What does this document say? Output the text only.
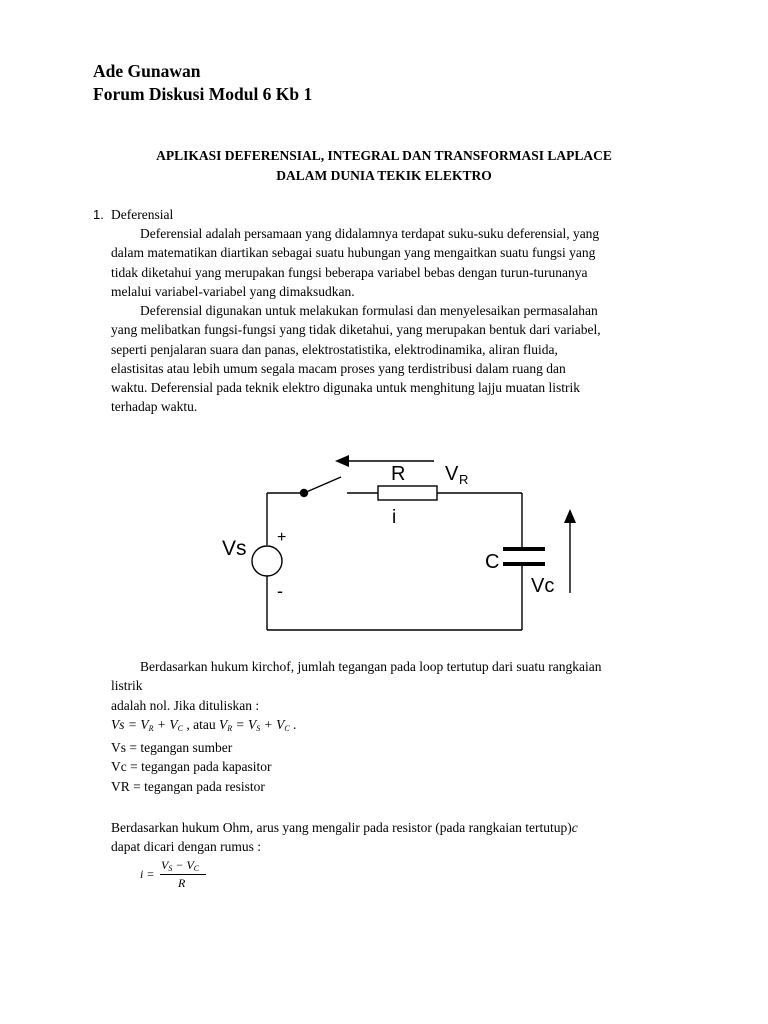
Ade Gunawan
Forum Diskusi Modul 6 Kb 1
APLIKASI DEFERENSIAL, INTEGRAL DAN TRANSFORMASI LAPLACE
DALAM DUNIA TEKIK ELEKTRO
1. Deferensial

Deferensial adalah persamaan yang didalamnya terdapat suku-suku deferensial, yang

dalam matematikan diartikan sebagai suatu hubungan yang mengaitkan suatu fungsi yang

tidak diketahui yang merupakan fungsi beberapa variabel bebas dengan turun-turunanya

melalui variabel-variabel yang dimaksudkan.

Deferensial digunakan untuk melakukan formulasi dan menyelesaikan permasalahan

yang melibatkan fungsi-fungsi yang tidak diketahui, yang merupakan bentuk dari variabel,

seperti penjalaran suara dan panas, elektrostatistika, elektrodinamika, aliran fluida,

elastisitas atau lebih umum segala macam proses yang terdistribusi dalam ruang dan

waktu. Deferensial pada teknik elektro digunaka untuk menghitung lajju muatan listrik

terhadap waktu.

R V R
i
Vs +
-
C
Vc

Berdasarkan hukum kirchof, jumlah tegangan pada loop tertutup dari suatu rangkaian

listrik

adalah nol. Jika dituliskan :

$Vs = V_R + V_C$ , atau $V_R = V_S + V_C$ .

Vs = tegangan sumber

Vc = tegangan pada kapasitor

VR = tegangan pada resistor

Berdasarkan hukum Ohm, arus yang mengalir pada resistor (pada rangkaian tertutup)c

dapat dicari dengan rumus :

i =
$V_S - V_C$
R
